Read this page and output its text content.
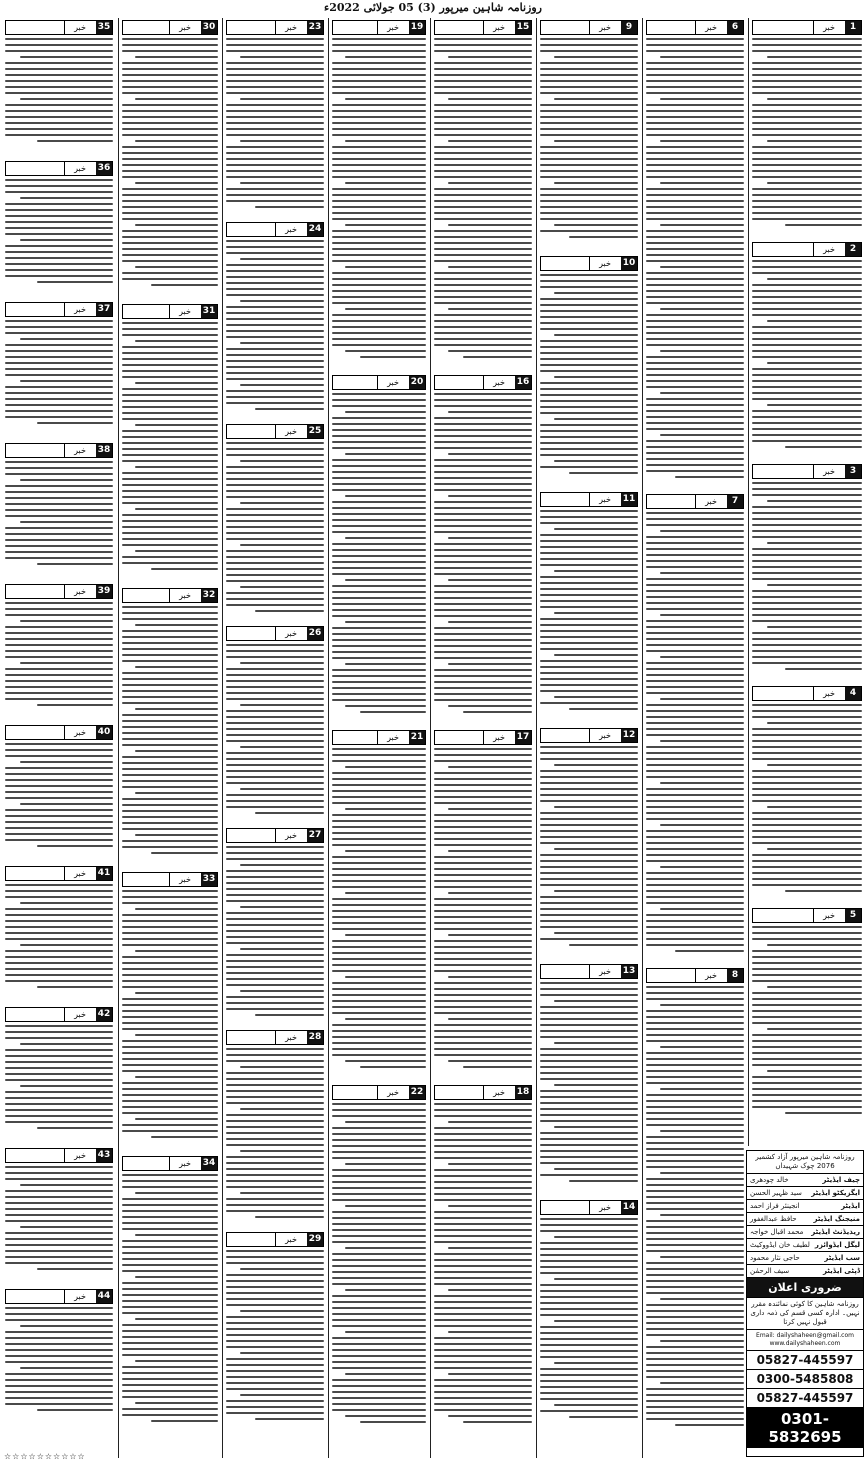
روزنامہ شاہین میرپور (3) 05 جولائی 2022ء
1
خبر
2
خبر
3
خبر
4
خبر
5
خبر
6
خبر
7
خبر
8
خبر
9
خبر
10
خبر
11
خبر
12
خبر
13
خبر
14
خبر
15
خبر
16
خبر
17
خبر
18
خبر
19
خبر
20
خبر
21
خبر
22
خبر
23
خبر
24
خبر
25
خبر
26
خبر
27
خبر
28
خبر
29
خبر
30
خبر
31
خبر
32
خبر
33
خبر
34
خبر
35
خبر
36
خبر
37
خبر
38
خبر
39
خبر
40
خبر
41
خبر
42
خبر
43
خبر
44
خبر
روزنامہ شاہین میرپور آزاد کشمیر 2076 چوک شہیداں
چیف ایڈیٹر
خالد چودھری
ایگزیکٹو ایڈیٹر
سید ظہیر الحسن
ایڈیٹر
انجینئر فراز احمد
منیجنگ ایڈیٹر
حافظ عبدالغفور
ریذیڈنٹ ایڈیٹر
محمد اقبال خواجہ
لیگل ایڈوائزر
لطیف خان ایڈووکیٹ
سب ایڈیٹر
حاجی نثار محمود
ڈپٹی ایڈیٹر
سیف الرحمٰن
ضروری اعلان
روزنامہ شاہین کا کوئی نمائندہ مقرر نہیں۔ ادارہ کسی قسم کی ذمہ داری قبول نہیں کرتا
Email: dailyshaheen@gmail.com www.dailyshaheen.com
05827-445597
0300-5485808
05827-445597
0301-5832695
☆☆☆☆☆☆☆☆☆☆
